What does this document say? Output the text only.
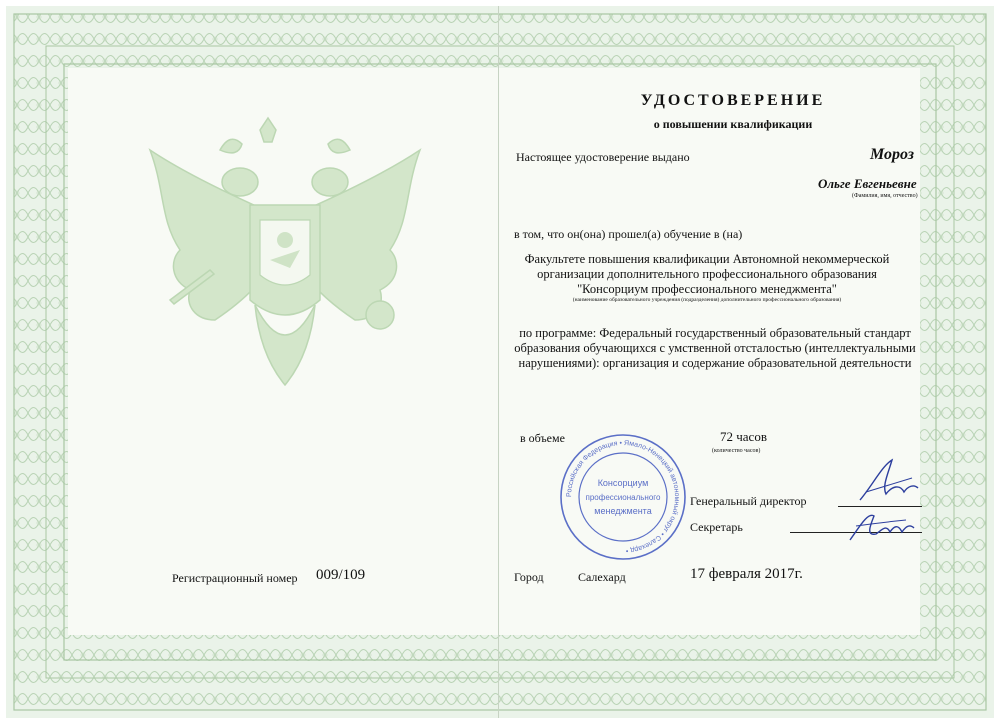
УДОСТОВЕРЕНИЕ
о повышении квалификации
Настоящее удостоверение выдано	Мороз
Ольге Евгеньевне
(Фамилия, имя, отчество)
в том, что он(она) прошел(а) обучение в (на)
Факультете повышения квалификации Автономной некоммерческой организации дополнительного профессионального образования "Консорциум профессионального менеджмента"
(наименование образовательного учреждения (подразделения) дополнительного профессионального образования)
по программе: Федеральный государственный образовательный стандарт образования обучающихся с умственной отсталостью (интеллектуальными нарушениями): организация и содержание образовательной деятельности
в объеме	72 часов
(количество часов)
Российская Федерация • Ямало-Ненецкий автономный округ • Салехард •
Консорциум
профессионального
менеджмента
Генеральный директор
Секретарь
Город	Салехард	17 февраля 2017г.
Регистрационный номер 009/109
